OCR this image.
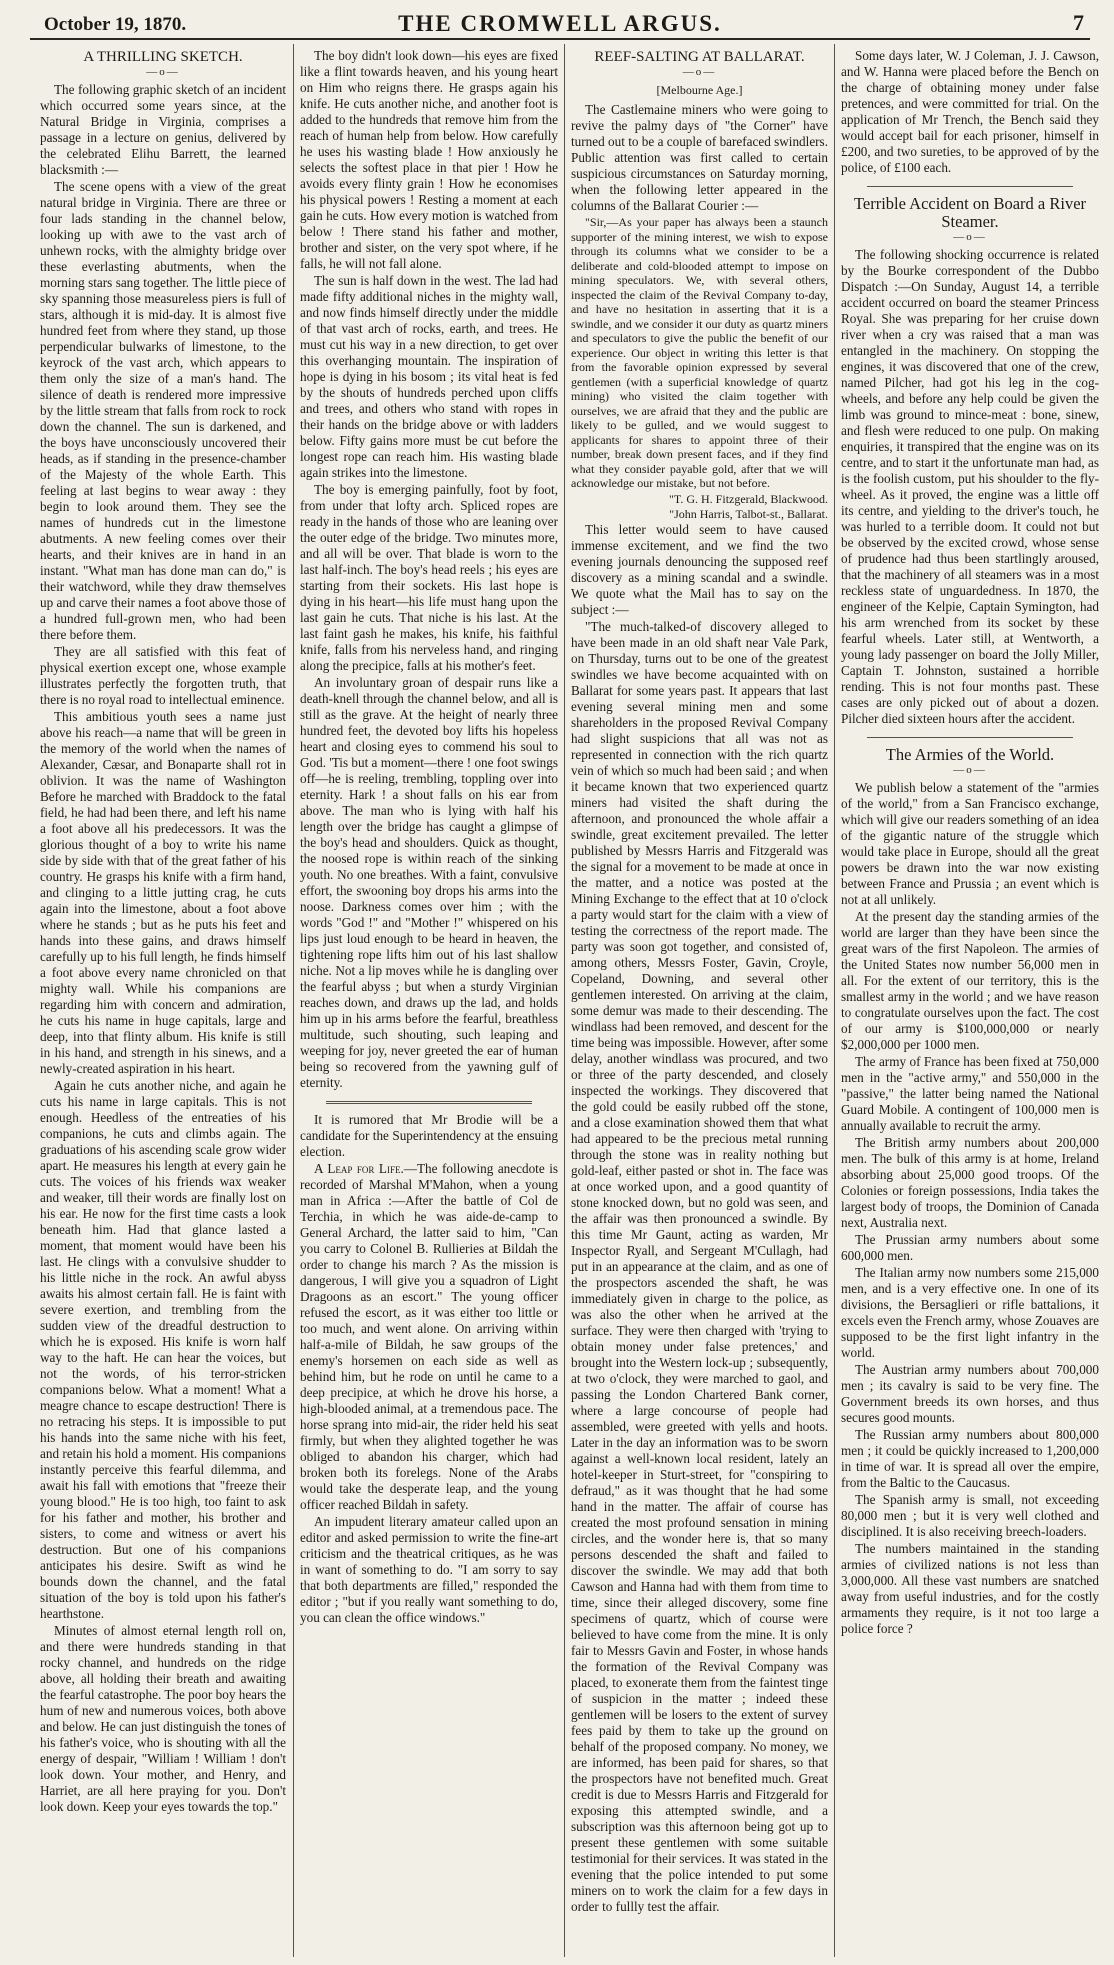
October 19, 1870.	THE CROMWELL ARGUS.	7
A THRILLING SKETCH.
—o—

The following graphic sketch of an incident which occurred some years since, at the Natural Bridge in Virginia, comprises a passage in a lecture on genius, delivered by the celebrated Elihu Barrett, the learned blacksmith :—

The scene opens with a view of the great natural bridge in Virginia. There are three or four lads standing in the channel below, looking up with awe to the vast arch of unhewn rocks, with the almighty bridge over these everlasting abutments, when the morning stars sang together. The little piece of sky spanning those measureless piers is full of stars, although it is mid-day. It is almost five hundred feet from where they stand, up those perpendicular bulwarks of limestone, to the keyrock of the vast arch, which appears to them only the size of a man's hand. The silence of death is rendered more impressive by the little stream that falls from rock to rock down the channel. The sun is darkened, and the boys have unconsciously uncovered their heads, as if standing in the presence-chamber of the Majesty of the whole Earth. This feeling at last begins to wear away : they begin to look around them. They see the names of hundreds cut in the limestone abutments. A new feeling comes over their hearts, and their knives are in hand in an instant. "What man has done man can do," is their watchword, while they draw themselves up and carve their names a foot above those of a hundred full-grown men, who had been there before them.

They are all satisfied with this feat of physical exertion except one, whose example illustrates perfectly the forgotten truth, that there is no royal road to intellectual eminence.

This ambitious youth sees a name just above his reach—a name that will be green in the memory of the world when the names of Alexander, Cæsar, and Bonaparte shall rot in oblivion. It was the name of Washington Before he marched with Braddock to the fatal field, he had had been there, and left his name a foot above all his predecessors. It was the glorious thought of a boy to write his name side by side with that of the great father of his country. He grasps his knife with a firm hand, and clinging to a little jutting crag, he cuts again into the limestone, about a foot above where he stands ; but as he puts his feet and hands into these gains, and draws himself carefully up to his full length, he finds himself a foot above every name chronicled on that mighty wall. While his companions are regarding him with concern and admiration, he cuts his name in huge capitals, large and deep, into that flinty album. His knife is still in his hand, and strength in his sinews, and a newly-created aspiration in his heart.

Again he cuts another niche, and again he cuts his name in large capitals. This is not enough. Heedless of the entreaties of his companions, he cuts and climbs again. The graduations of his ascending scale grow wider apart. He measures his length at every gain he cuts. The voices of his friends wax weaker and weaker, till their words are finally lost on his ear. He now for the first time casts a look beneath him. Had that glance lasted a moment, that moment would have been his last. He clings with a convulsive shudder to his little niche in the rock. An awful abyss awaits his almost certain fall. He is faint with severe exertion, and trembling from the sudden view of the dreadful destruction to which he is exposed. His knife is worn half way to the haft. He can hear the voices, but not the words, of his terror-stricken companions below. What a moment! What a meagre chance to escape destruction! There is no retracing his steps. It is impossible to put his hands into the same niche with his feet, and retain his hold a moment. His companions instantly perceive this fearful dilemma, and await his fall with emotions that "freeze their young blood." He is too high, too faint to ask for his father and mother, his brother and sisters, to come and witness or avert his destruction. But one of his companions anticipates his desire. Swift as wind he bounds down the channel, and the fatal situation of the boy is told upon his father's hearthstone.

Minutes of almost eternal length roll on, and there were hundreds standing in that rocky channel, and hundreds on the ridge above, all holding their breath and awaiting the fearful catastrophe. The poor boy hears the hum of new and numerous voices, both above and below. He can just distinguish the tones of his father's voice, who is shouting with all the energy of despair, "William ! William ! don't look down. Your mother, and Henry, and Harriet, are all here praying for you. Don't look down. Keep your eyes towards the top."

The boy didn't look down—his eyes are fixed like a flint towards heaven, and his young heart on Him who reigns there. He grasps again his knife. He cuts another niche, and another foot is added to the hundreds that remove him from the reach of human help from below. How carefully he uses his wasting blade ! How anxiously he selects the softest place in that pier ! How he avoids every flinty grain ! How he economises his physical powers ! Resting a moment at each gain he cuts. How every motion is watched from below ! There stand his father and mother, brother and sister, on the very spot where, if he falls, he will not fall alone.

The sun is half down in the west. The lad had made fifty additional niches in the mighty wall, and now finds himself directly under the middle of that vast arch of rocks, earth, and trees. He must cut his way in a new direction, to get over this overhanging mountain. The inspiration of hope is dying in his bosom ; its vital heat is fed by the shouts of hundreds perched upon cliffs and trees, and others who stand with ropes in their hands on the bridge above or with ladders below. Fifty gains more must be cut before the longest rope can reach him. His wasting blade again strikes into the limestone.

The boy is emerging painfully, foot by foot, from under that lofty arch. Spliced ropes are ready in the hands of those who are leaning over the outer edge of the bridge. Two minutes more, and all will be over. That blade is worn to the last half-inch. The boy's head reels ; his eyes are starting from their sockets. His last hope is dying in his heart—his life must hang upon the last gain he cuts. That niche is his last. At the last faint gash he makes, his knife, his faithful knife, falls from his nerveless hand, and ringing along the precipice, falls at his mother's feet.

An involuntary groan of despair runs like a death-knell through the channel below, and all is still as the grave. At the height of nearly three hundred feet, the devoted boy lifts his hopeless heart and closing eyes to commend his soul to God. 'Tis but a moment—there ! one foot swings off—he is reeling, trembling, toppling over into eternity. Hark ! a shout falls on his ear from above. The man who is lying with half his length over the bridge has caught a glimpse of the boy's head and shoulders. Quick as thought, the noosed rope is within reach of the sinking youth. No one breathes. With a faint, convulsive effort, the swooning boy drops his arms into the noose. Darkness comes over him ; with the words "God !" and "Mother !" whispered on his lips just loud enough to be heard in heaven, the tightening rope lifts him out of his last shallow niche. Not a lip moves while he is dangling over the fearful abyss ; but when a sturdy Virginian reaches down, and draws up the lad, and holds him up in his arms before the fearful, breathless multitude, such shouting, such leaping and weeping for joy, never greeted the ear of human being so recovered from the yawning gulf of eternity.

It is rumored that Mr Brodie will be a candidate for the Superintendency at the ensuing election.

A Leap for Life.—The following anecdote is recorded of Marshal M'Mahon, when a young man in Africa :—After the battle of Col de Terchia, in which he was aide-de-camp to General Archard, the latter said to him, "Can you carry to Colonel B. Rullieries at Bildah the order to change his march ? As the mission is dangerous, I will give you a squadron of Light Dragoons as an escort." The young officer refused the escort, as it was either too little or too much, and went alone. On arriving within half-a-mile of Bildah, he saw groups of the enemy's horsemen on each side as well as behind him, but he rode on until he came to a deep precipice, at which he drove his horse, a high-blooded animal, at a tremendous pace. The horse sprang into mid-air, the rider held his seat firmly, but when they alighted together he was obliged to abandon his charger, which had broken both its forelegs. None of the Arabs would take the desperate leap, and the young officer reached Bildah in safety.

An impudent literary amateur called upon an editor and asked permission to write the fine-art criticism and the theatrical critiques, as he was in want of something to do. "I am sorry to say that both departments are filled," responded the editor ; "but if you really want something to do, you can clean the office windows."

REEF-SALTING AT BALLARAT.
—o—
[Melbourne Age.]

The Castlemaine miners who were going to revive the palmy days of "the Corner" have turned out to be a couple of barefaced swindlers. Public attention was first called to certain suspicious circumstances on Saturday morning, when the following letter appeared in the columns of the Ballarat Courier :—

"Sir,—As your paper has always been a staunch supporter of the mining interest, we wish to expose through its columns what we consider to be a deliberate and cold-blooded attempt to impose on mining speculators. We, with several others, inspected the claim of the Revival Company to-day, and have no hesitation in asserting that it is a swindle, and we consider it our duty as quartz miners and speculators to give the public the benefit of our experience. Our object in writing this letter is that from the favorable opinion expressed by several gentlemen (with a superficial knowledge of quartz mining) who visited the claim together with ourselves, we are afraid that they and the public are likely to be gulled, and we would suggest to applicants for shares to appoint three of their number, break down present faces, and if they find what they consider payable gold, after that we will acknowledge our mistake, but not before.

"T. G. H. Fitzgerald, Blackwood.

"John Harris, Talbot-st., Ballarat.

This letter would seem to have caused immense excitement, and we find the two evening journals denouncing the supposed reef discovery as a mining scandal and a swindle. We quote what the Mail has to say on the subject :—

"The much-talked-of discovery alleged to have been made in an old shaft near Vale Park, on Thursday, turns out to be one of the greatest swindles we have become acquainted with on Ballarat for some years past. It appears that last evening several mining men and some shareholders in the proposed Revival Company had slight suspicions that all was not as represented in connection with the rich quartz vein of which so much had been said ; and when it became known that two experienced quartz miners had visited the shaft during the afternoon, and pronounced the whole affair a swindle, great excitement prevailed. The letter published by Messrs Harris and Fitzgerald was the signal for a movement to be made at once in the matter, and a notice was posted at the Mining Exchange to the effect that at 10 o'clock a party would start for the claim with a view of testing the correctness of the report made. The party was soon got together, and consisted of, among others, Messrs Foster, Gavin, Croyle, Copeland, Downing, and several other gentlemen interested. On arriving at the claim, some demur was made to their descending. The windlass had been removed, and descent for the time being was impossible. However, after some delay, another windlass was procured, and two or three of the party descended, and closely inspected the workings. They discovered that the gold could be easily rubbed off the stone, and a close examination showed them that what had appeared to be the precious metal running through the stone was in reality nothing but gold-leaf, either pasted or shot in. The face was at once worked upon, and a good quantity of stone knocked down, but no gold was seen, and the affair was then pronounced a swindle. By this time Mr Gaunt, acting as warden, Mr Inspector Ryall, and Sergeant M'Cullagh, had put in an appearance at the claim, and as one of the prospectors ascended the shaft, he was immediately given in charge to the police, as was also the other when he arrived at the surface. They were then charged with 'trying to obtain money under false pretences,' and brought into the Western lock-up ; subsequently, at two o'clock, they were marched to gaol, and passing the London Chartered Bank corner, where a large concourse of people had assembled, were greeted with yells and hoots. Later in the day an information was to be sworn against a well-known local resident, lately an hotel-keeper in Sturt-street, for "conspiring to defraud," as it was thought that he had some hand in the matter. The affair of course has created the most profound sensation in mining circles, and the wonder here is, that so many persons descended the shaft and failed to discover the swindle. We may add that both Cawson and Hanna had with them from time to time, since their alleged discovery, some fine specimens of quartz, which of course were believed to have come from the mine. It is only fair to Messrs Gavin and Foster, in whose hands the formation of the Revival Company was placed, to exonerate them from the faintest tinge of suspicion in the matter ; indeed these gentlemen will be losers to the extent of survey fees paid by them to take up the ground on behalf of the proposed company. No money, we are informed, has been paid for shares, so that the prospectors have not benefited much. Great credit is due to Messrs Harris and Fitzgerald for exposing this attempted swindle, and a subscription was this afternoon being got up to present these gentlemen with some suitable testimonial for their services. It was stated in the evening that the police intended to put some miners on to work the claim for a few days in order to fullly test the affair.

Some days later, W. J Coleman, J. J. Cawson, and W. Hanna were placed before the Bench on the charge of obtaining money under false pretences, and were committed for trial. On the application of Mr Trench, the Bench said they would accept bail for each prisoner, himself in £200, and two sureties, to be approved of by the police, of £100 each.

Terrible Accident on Board a River Steamer.
—o—

The following shocking occurrence is related by the Bourke correspondent of the Dubbo Dispatch :—On Sunday, August 14, a terrible accident occurred on board the steamer Princess Royal. She was preparing for her cruise down river when a cry was raised that a man was entangled in the machinery. On stopping the engines, it was discovered that one of the crew, named Pilcher, had got his leg in the cog-wheels, and before any help could be given the limb was ground to mince-meat : bone, sinew, and flesh were reduced to one pulp. On making enquiries, it transpired that the engine was on its centre, and to start it the unfortunate man had, as is the foolish custom, put his shoulder to the fly-wheel. As it proved, the engine was a little off its centre, and yielding to the driver's touch, he was hurled to a terrible doom. It could not but be observed by the excited crowd, whose sense of prudence had thus been startlingly aroused, that the machinery of all steamers was in a most reckless state of unguardedness. In 1870, the engineer of the Kelpie, Captain Symington, had his arm wrenched from its socket by these fearful wheels. Later still, at Wentworth, a young lady passenger on board the Jolly Miller, Captain T. Johnston, sustained a horrible rending. This is not four months past. These cases are only picked out of about a dozen. Pilcher died sixteen hours after the accident.

The Armies of the World.
—o—

We publish below a statement of the "armies of the world," from a San Francisco exchange, which will give our readers something of an idea of the gigantic nature of the struggle which would take place in Europe, should all the great powers be drawn into the war now existing between France and Prussia ; an event which is not at all unlikely.

At the present day the standing armies of the world are larger than they have been since the great wars of the first Napoleon. The armies of the United States now number 56,000 men in all. For the extent of our territory, this is the smallest army in the world ; and we have reason to congratulate ourselves upon the fact. The cost of our army is $100,000,000 or nearly $2,000,000 per 1000 men.

The army of France has been fixed at 750,000 men in the "active army," and 550,000 in the "passive," the latter being named the National Guard Mobile. A contingent of 100,000 men is annually available to recruit the army.

The British army numbers about 200,000 men. The bulk of this army is at home, Ireland absorbing about 25,000 good troops. Of the Colonies or foreign possessions, India takes the largest body of troops, the Dominion of Canada next, Australia next.

The Prussian army numbers about some 600,000 men.

The Italian army now numbers some 215,000 men, and is a very effective one. In one of its divisions, the Bersaglieri or rifle battalions, it excels even the French army, whose Zouaves are supposed to be the first light infantry in the world.

The Austrian army numbers about 700,000 men ; its cavalry is said to be very fine. The Government breeds its own horses, and thus secures good mounts.

The Russian army numbers about 800,000 men ; it could be quickly increased to 1,200,000 in time of war. It is spread all over the empire, from the Baltic to the Caucasus.

The Spanish army is small, not exceeding 80,000 men ; but it is very well clothed and disciplined. It is also receiving breech-loaders.

The numbers maintained in the standing armies of civilized nations is not less than 3,000,000. All these vast numbers are snatched away from useful industries, and for the costly armaments they require, is it not too large a police force ?
